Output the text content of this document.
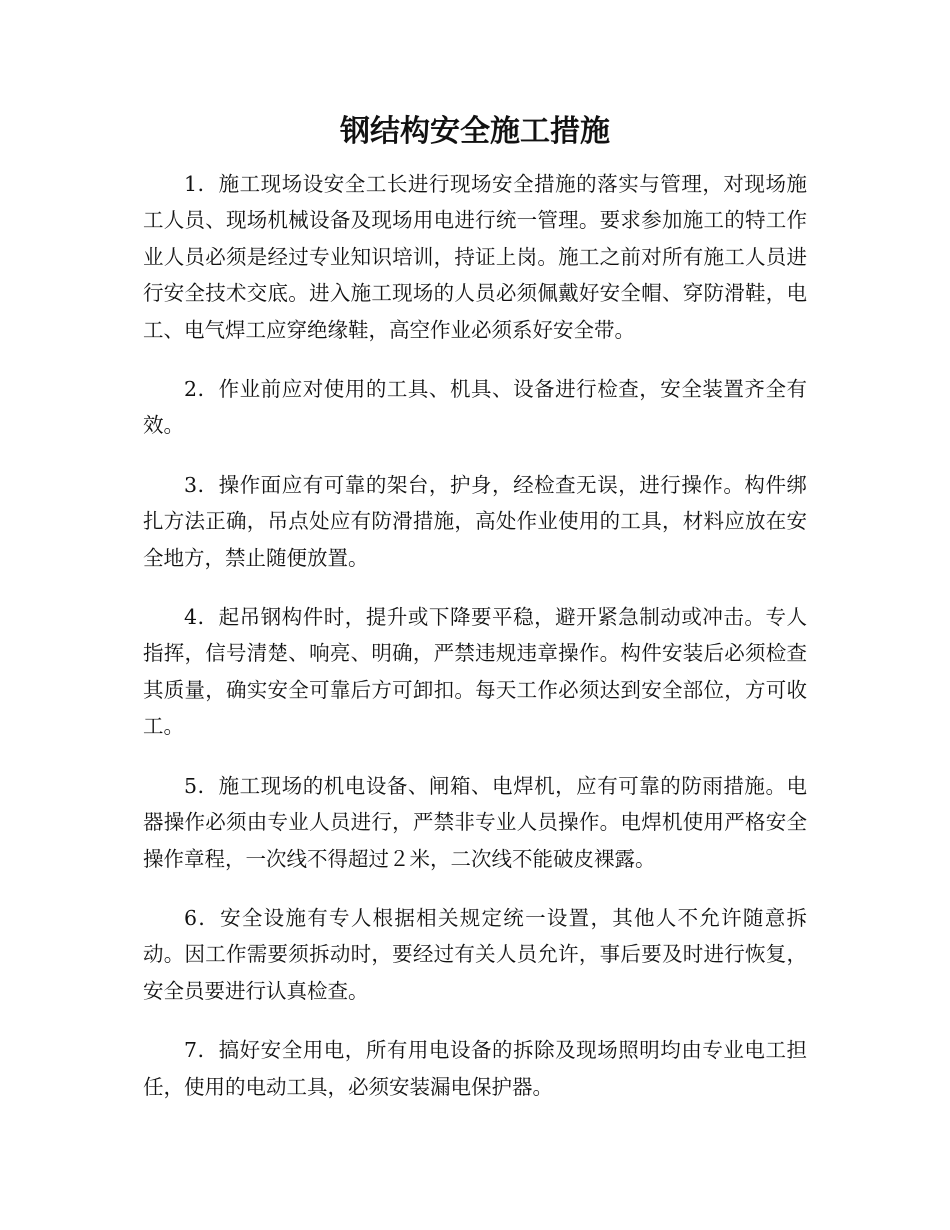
钢结构安全施工措施

1．施工现场设安全工长进行现场安全措施的落实与管理，对现场施工人员、现场机械设备及现场用电进行统一管理。要求参加施工的特工作业人员必须是经过专业知识培训，持证上岗。施工之前对所有施工人员进行安全技术交底。进入施工现场的人员必须佩戴好安全帽、穿防滑鞋，电工、电气焊工应穿绝缘鞋，高空作业必须系好安全带。

2．作业前应对使用的工具、机具、设备进行检查，安全装置齐全有效。

3．操作面应有可靠的架台，护身，经检查无误，进行操作。构件绑扎方法正确，吊点处应有防滑措施，高处作业使用的工具，材料应放在安全地方，禁止随便放置。

4．起吊钢构件时，提升或下降要平稳，避开紧急制动或冲击。专人指挥，信号清楚、响亮、明确，严禁违规违章操作。构件安装后必须检查其质量，确实安全可靠后方可卸扣。每天工作必须达到安全部位，方可收工。

5．施工现场的机电设备、闸箱、电焊机，应有可靠的防雨措施。电器操作必须由专业人员进行，严禁非专业人员操作。电焊机使用严格安全操作章程，一次线不得超过２米，二次线不能破皮裸露。

6．安全设施有专人根据相关规定统一设置，其他人不允许随意拆动。因工作需要须拆动时，要经过有关人员允许，事后要及时进行恢复，安全员要进行认真检查。

7．搞好安全用电，所有用电设备的拆除及现场照明均由专业电工担任，使用的电动工具，必须安装漏电保护器。
